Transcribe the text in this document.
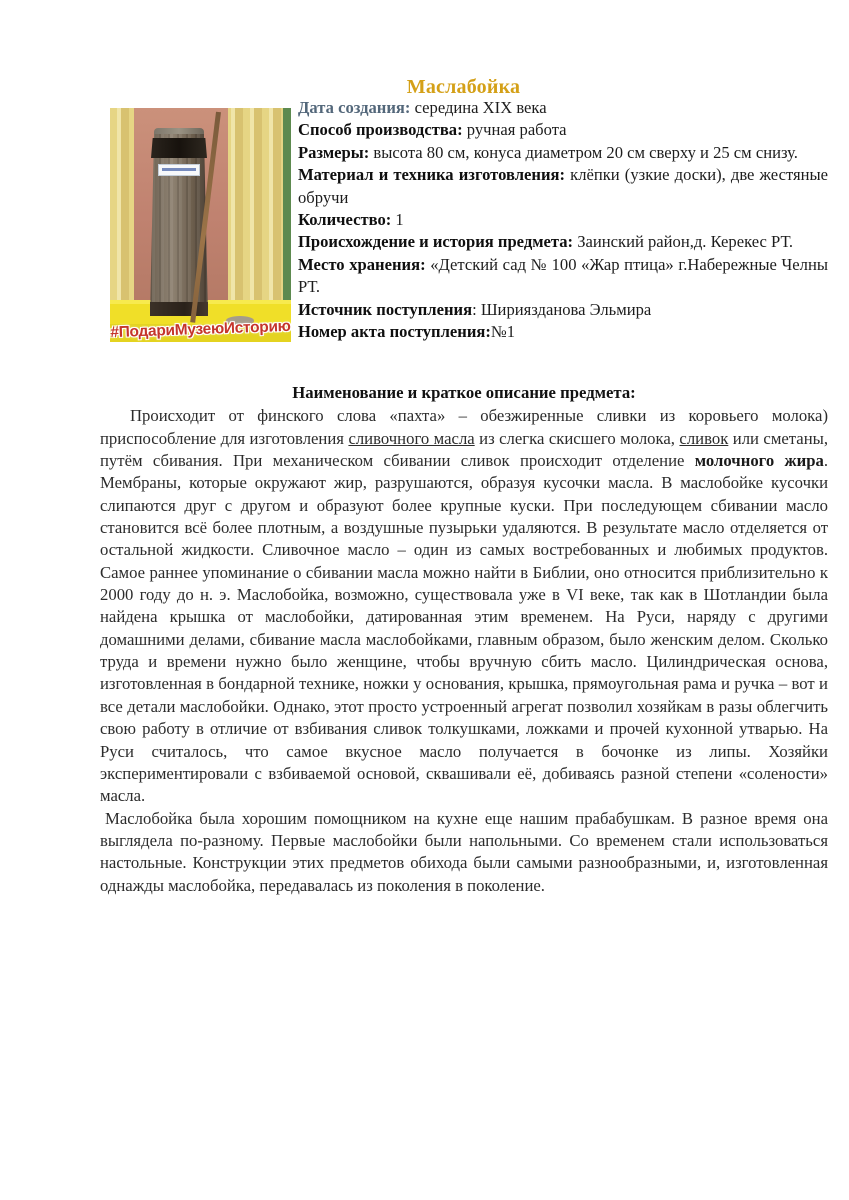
Маслабойка
#ПодариМузеюИсторию
Дата создания: середина XIX века
Способ производства: ручная работа
Размеры: высота 80 см, конуса диаметром 20 см сверху и 25 см снизу.
Материал и техника изготовления: клёпки (узкие доски), две жестяные обручи
Количество: 1
Происхождение и история предмета: Заинский район,д. Керекес РТ.
Место хранения: «Детский сад № 100 «Жар птица» г.Набережные Челны РТ.
Источник поступления: Шириязданова Эльмира
Номер акта поступления:№1
Наименование и краткое описание предмета:

Происходит от финского слова «пахта» – обезжиренные сливки из коровьего молока) приспособление для изготовления сливочного масла из слегка скисшего молока, сливок или сметаны, путём сбивания. При механическом сбивании сливок происходит отделение молочного жира. Мембраны, которые окружают жир, разрушаются, образуя кусочки масла. В маслобойке кусочки слипаются друг с другом и образуют более крупные куски. При последующем сбивании масло становится всё более плотным, а воздушные пузырьки удаляются. В результате масло отделяется от остальной жидкости. Сливочное масло – один из самых востребованных и любимых продуктов. Самое раннее упоминание о сбивании масла можно найти в Библии, оно относится приблизительно к 2000 году до н. э. Маслобойка, возможно, существовала уже в VI веке, так как в Шотландии была найдена крышка от маслобойки, датированная этим временем. На Руси, наряду с другими домашними делами, сбивание масла маслобойками, главным образом, было женским делом. Сколько труда и времени нужно было женщине, чтобы вручную сбить масло. Цилиндрическая основа, изготовленная в бондарной технике, ножки у основания, крышка, прямоугольная рама и ручка – вот и все детали маслобойки. Однако, этот просто устроенный агрегат позволил хозяйкам в разы облегчить свою работу в отличие от взбивания сливок толкушками, ложками и прочей кухонной утварью. На Руси считалось, что самое вкусное масло получается в бочонке из липы. Хозяйки экспериментировали с взбиваемой основой, сквашивали её, добиваясь разной степени «солености» масла.

Маслобойка была хорошим помощником на кухне еще нашим прабабушкам. В разное время она выглядела по-разному. Первые маслобойки были напольными. Со временем стали использоваться настольные. Конструкции этих предметов обихода были самыми разнообразными, и, изготовленная однажды маслобойка, передавалась из поколения в поколение.
